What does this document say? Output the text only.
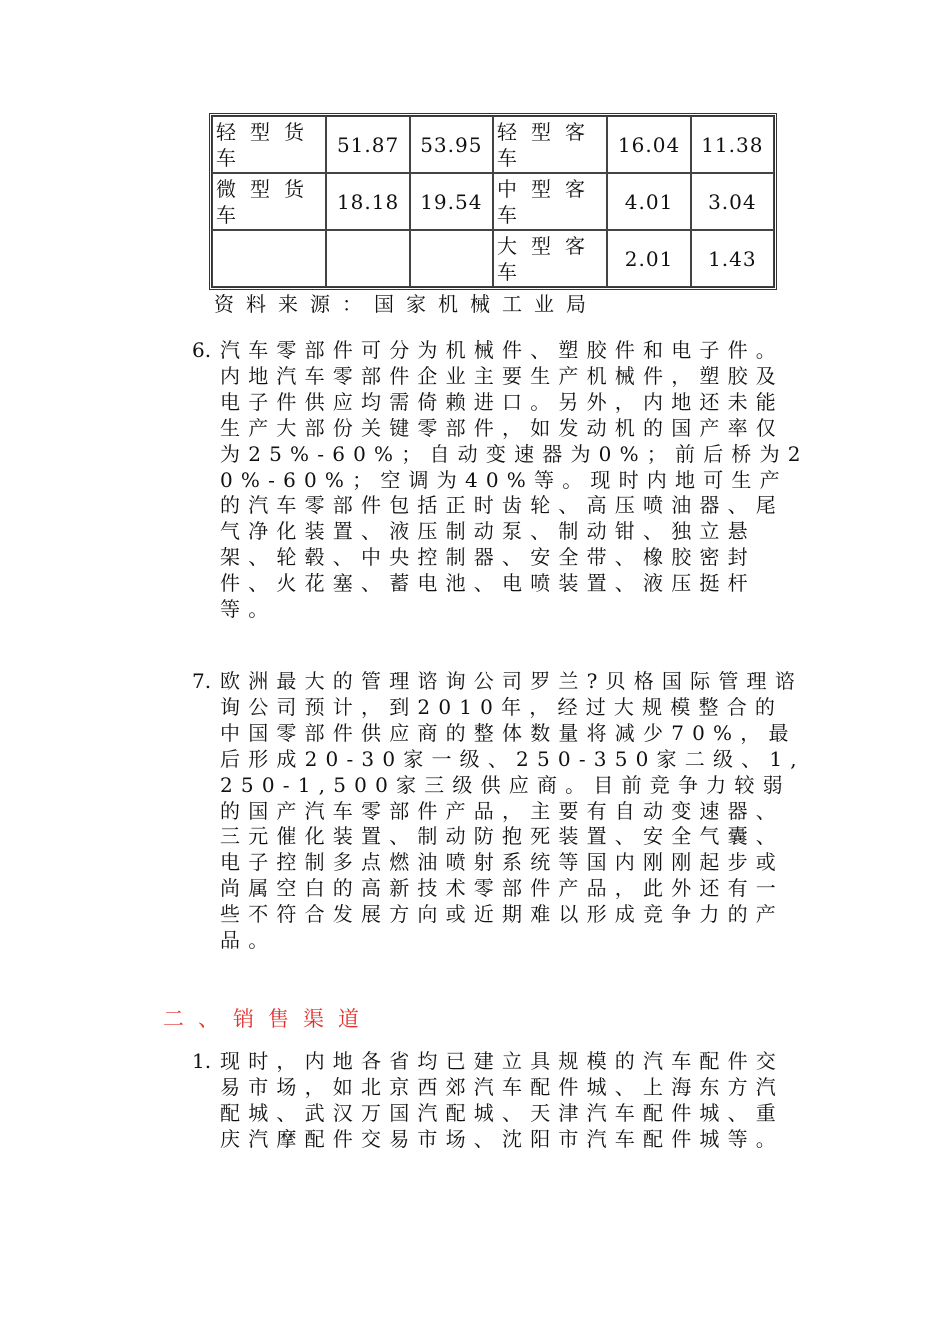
轻型货车	51.87	53.95	轻型客车	16.04	11.38
微型货车	18.18	19.54	中型客车	4.01	3.04
			大型客车	2.01	1.43
资料来源：国家机械工业局
6. 汽车零部件可分为机械件、塑胶件和电子件。内地汽车零部件企业主要生产机械件，塑胶及电子件供应均需倚赖进口。另外，内地还未能生产大部份关键零部件，如发动机的国产率仅为25%-60%；自动变速器为0%；前后桥为20%-60%；空调为40%等。现时内地可生产的汽车零部件包括正时齿轮、高压喷油器、尾气净化装置、液压制动泵、制动钳、独立悬架、轮毂、中央控制器、安全带、橡胶密封件、火花塞、蓄电池、电喷装置、液压挺杆等。
7. 欧洲最大的管理谘询公司罗兰?贝格国际管理谘询公司预计，到2010年，经过大规模整合的中国零部件供应商的整体数量将减少70%，最后形成20-30家一级、250-350家二级、1,250-1,500家三级供应商。目前竞争力较弱的国产汽车零部件产品，主要有自动变速器、三元催化装置、制动防抱死装置、安全气囊、电子控制多点燃油喷射系统等国内刚刚起步或尚属空白的高新技术零部件产品，此外还有一些不符合发展方向或近期难以形成竞争力的产品。
二、销售渠道
1. 现时，内地各省均已建立具规模的汽车配件交易市场，如北京西郊汽车配件城、上海东方汽配城、武汉万国汽配城、天津汽车配件城、重庆汽摩配件交易市场、沈阳市汽车配件城等。
